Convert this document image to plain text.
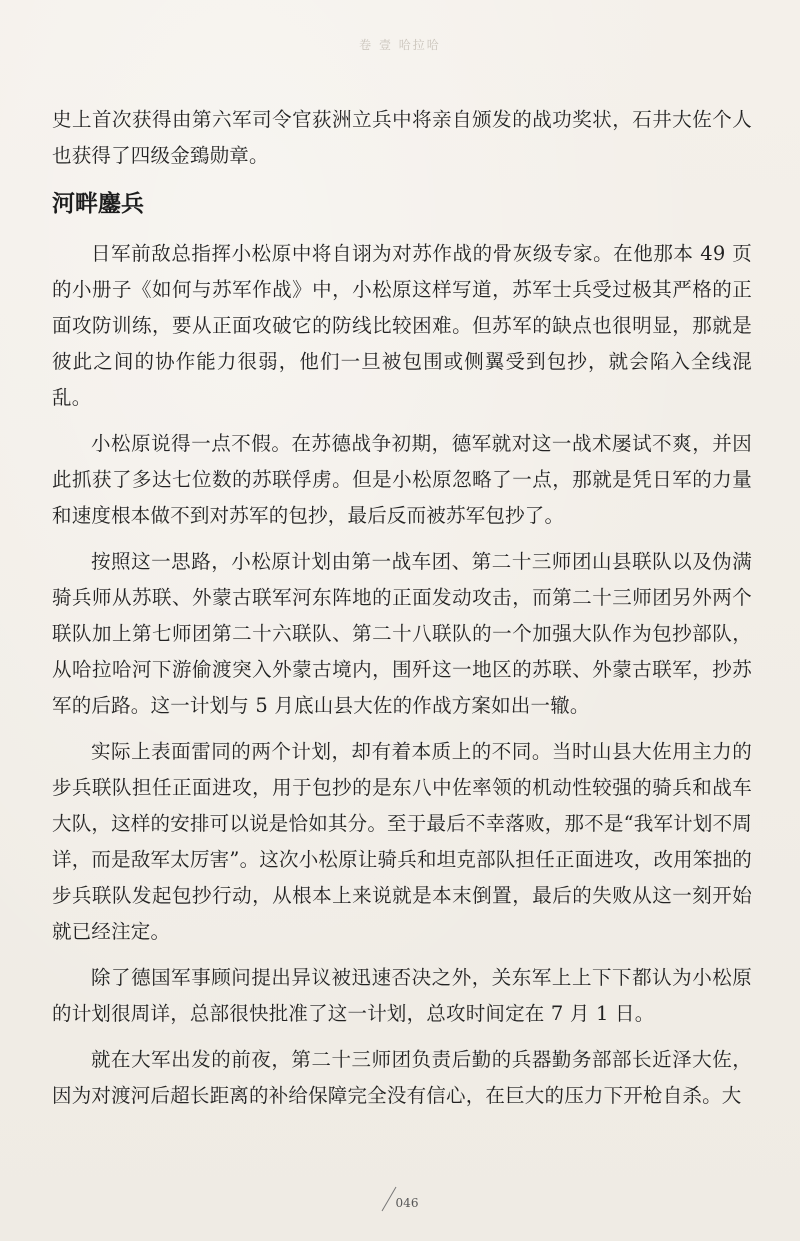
卷 壹 哈拉哈

史上首次获得由第六军司令官荻洲立兵中将亲自颁发的战功奖状，石井大佐个人也获得了四级金鵄勋章。

河畔鏖兵

日军前敌总指挥小松原中将自诩为对苏作战的骨灰级专家。在他那本 49 页的小册子《如何与苏军作战》中，小松原这样写道，苏军士兵受过极其严格的正面攻防训练，要从正面攻破它的防线比较困难。但苏军的缺点也很明显，那就是彼此之间的协作能力很弱，他们一旦被包围或侧翼受到包抄，就会陷入全线混乱。

小松原说得一点不假。在苏德战争初期，德军就对这一战术屡试不爽，并因此抓获了多达七位数的苏联俘虏。但是小松原忽略了一点，那就是凭日军的力量和速度根本做不到对苏军的包抄，最后反而被苏军包抄了。

按照这一思路，小松原计划由第一战车团、第二十三师团山县联队以及伪满骑兵师从苏联、外蒙古联军河东阵地的正面发动攻击，而第二十三师团另外两个联队加上第七师团第二十六联队、第二十八联队的一个加强大队作为包抄部队，从哈拉哈河下游偷渡突入外蒙古境内，围歼这一地区的苏联、外蒙古联军，抄苏军的后路。这一计划与 5 月底山县大佐的作战方案如出一辙。

实际上表面雷同的两个计划，却有着本质上的不同。当时山县大佐用主力的步兵联队担任正面进攻，用于包抄的是东八中佐率领的机动性较强的骑兵和战车大队，这样的安排可以说是恰如其分。至于最后不幸落败，那不是“我军计划不周详，而是敌军太厉害”。这次小松原让骑兵和坦克部队担任正面进攻，改用笨拙的步兵联队发起包抄行动，从根本上来说就是本末倒置，最后的失败从这一刻开始就已经注定。

除了德国军事顾问提出异议被迅速否决之外，关东军上上下下都认为小松原的计划很周详，总部很快批准了这一计划，总攻时间定在 7 月 1 日。

就在大军出发的前夜，第二十三师团负责后勤的兵器勤务部部长近泽大佐，因为对渡河后超长距离的补给保障完全没有信心，在巨大的压力下开枪自杀。大

046
